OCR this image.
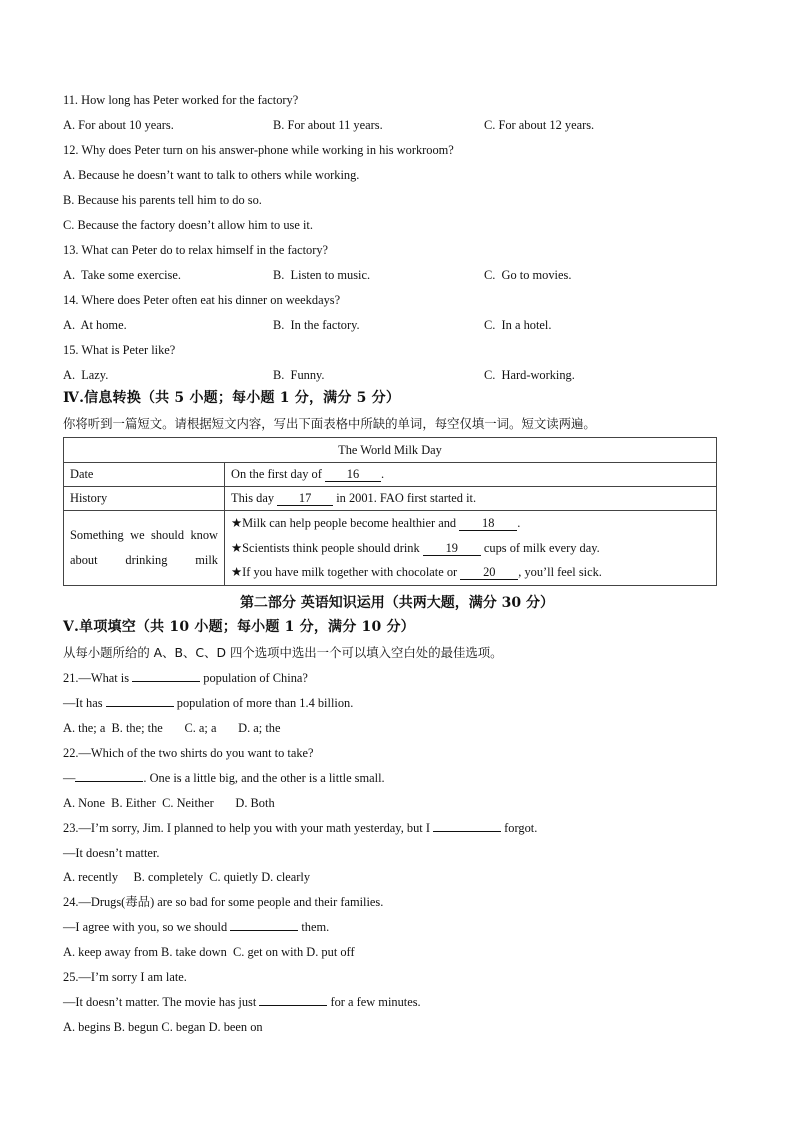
11. How long has Peter worked for the factory?
A. For about 10 years.	B. For about 11 years.	C. For about 12 years.
12. Why does Peter turn on his answer-phone while working in his workroom?
A. Because he doesn’t want to talk to others while working.
B. Because his parents tell him to do so.
C. Because the factory doesn’t allow him to use it.
13. What can Peter do to relax himself in the factory?
A.  Take some exercise.	B.  Listen to music.	C.  Go to movies.
14. Where does Peter often eat his dinner on weekdays?
A.  At home.	B.  In the factory.	C.  In a hotel.
15. What is Peter like?
A.  Lazy.	B.  Funny.	C.  Hard-working.
Ⅳ.信息转换（共 5 小题；每小题 1 分，满分 5 分）
你将听到一篇短文。请根据短文内容，写出下面表格中所缺的单词，每空仅填一词。短文读两遍。
The World Milk Day	
Date	On the first day of 16 .
History	This day 17 in 2001. FAO first started it.
Something we should know about drinking milk	★Milk can help people become healthier and 18 .
★Scientists think people should drink 19 cups of milk every day.
★If you have milk together with chocolate or 20 , you’ll feel sick.
第二部分 英语知识运用（共两大题，满分 30 分）
Ⅴ.单项填空（共 10 小题；每小题 1 分，满分 10 分）
从每小题所给的 A、B、C、D 四个选项中选出一个可以填入空白处的最佳选项。
21.—What is	population of China?
—It has	population of more than 1.4 billion.
A. the; a  B. the; the       C. a; a       D. a; the
22.—Which of the two shirts do you want to take?
—	. One is a little big, and the other is a little small.
A. None  B. Either  C. Neither       D. Both
23.—I’m sorry, Jim. I planned to help you with your math yesterday, but I	forgot.
—It doesn’t matter.
A. recently     B. completely  C. quietly D. clearly
24.—Drugs(毒品) are so bad for some people and their families.
—I agree with you, so we should	them.
A. keep away from B. take down  C. get on with D. put off
25.—I’m sorry I am late.
—It doesn’t matter. The movie has just	for a few minutes.
A. begins B. begun C. began D. been on
